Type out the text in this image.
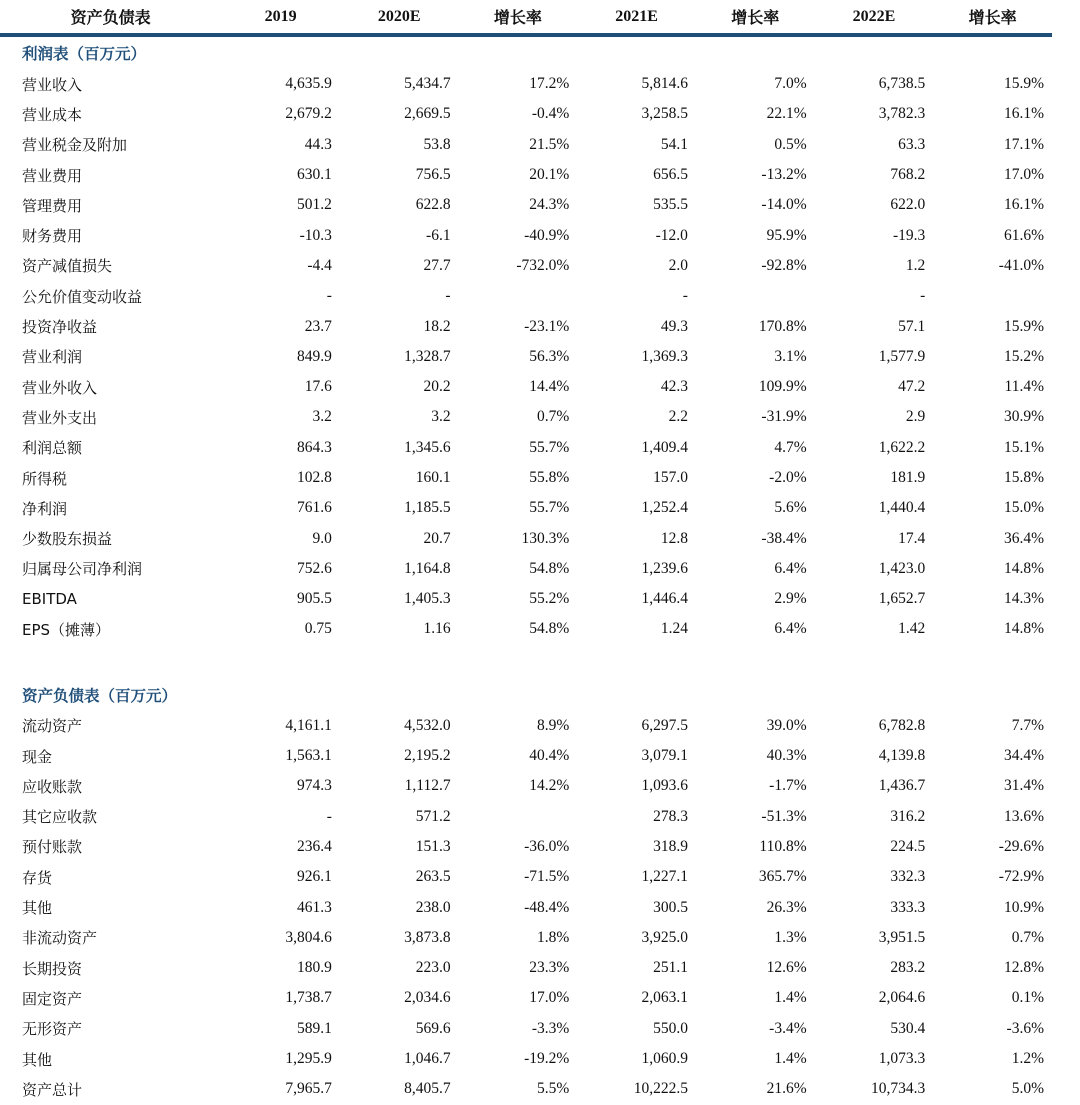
资产负债表	2019	2020E	增长率	2021E	增长率	2022E	增长率

利润表（百万元）							
营业收入	4,635.9	5,434.7	17.2%	5,814.6	7.0%	6,738.5	15.9%
营业成本	2,679.2	2,669.5	-0.4%	3,258.5	22.1%	3,782.3	16.1%
营业税金及附加	44.3	53.8	21.5%	54.1	0.5%	63.3	17.1%
营业费用	630.1	756.5	20.1%	656.5	-13.2%	768.2	17.0%
管理费用	501.2	622.8	24.3%	535.5	-14.0%	622.0	16.1%
财务费用	-10.3	-6.1	-40.9%	-12.0	95.9%	-19.3	61.6%
资产减值损失	-4.4	27.7	-732.0%	2.0	-92.8%	1.2	-41.0%
公允价值变动收益	-	-		-		-	
投资净收益	23.7	18.2	-23.1%	49.3	170.8%	57.1	15.9%
营业利润	849.9	1,328.7	56.3%	1,369.3	3.1%	1,577.9	15.2%
营业外收入	17.6	20.2	14.4%	42.3	109.9%	47.2	11.4%
营业外支出	3.2	3.2	0.7%	2.2	-31.9%	2.9	30.9%
利润总额	864.3	1,345.6	55.7%	1,409.4	4.7%	1,622.2	15.1%
所得税	102.8	160.1	55.8%	157.0	-2.0%	181.9	15.8%
净利润	761.6	1,185.5	55.7%	1,252.4	5.6%	1,440.4	15.0%
少数股东损益	9.0	20.7	130.3%	12.8	-38.4%	17.4	36.4%
归属母公司净利润	752.6	1,164.8	54.8%	1,239.6	6.4%	1,423.0	14.8%
EBITDA	905.5	1,405.3	55.2%	1,446.4	2.9%	1,652.7	14.3%
EPS（摊薄）	0.75	1.16	54.8%	1.24	6.4%	1.42	14.8%

资产负债表（百万元）							
流动资产	4,161.1	4,532.0	8.9%	6,297.5	39.0%	6,782.8	7.7%
现金	1,563.1	2,195.2	40.4%	3,079.1	40.3%	4,139.8	34.4%
应收账款	974.3	1,112.7	14.2%	1,093.6	-1.7%	1,436.7	31.4%
其它应收款	-	571.2		278.3	-51.3%	316.2	13.6%
预付账款	236.4	151.3	-36.0%	318.9	110.8%	224.5	-29.6%
存货	926.1	263.5	-71.5%	1,227.1	365.7%	332.3	-72.9%
其他	461.3	238.0	-48.4%	300.5	26.3%	333.3	10.9%
非流动资产	3,804.6	3,873.8	1.8%	3,925.0	1.3%	3,951.5	0.7%
长期投资	180.9	223.0	23.3%	251.1	12.6%	283.2	12.8%
固定资产	1,738.7	2,034.6	17.0%	2,063.1	1.4%	2,064.6	0.1%
无形资产	589.1	569.6	-3.3%	550.0	-3.4%	530.4	-3.6%
其他	1,295.9	1,046.7	-19.2%	1,060.9	1.4%	1,073.3	1.2%
资产总计	7,965.7	8,405.7	5.5%	10,222.5	21.6%	10,734.3	5.0%
